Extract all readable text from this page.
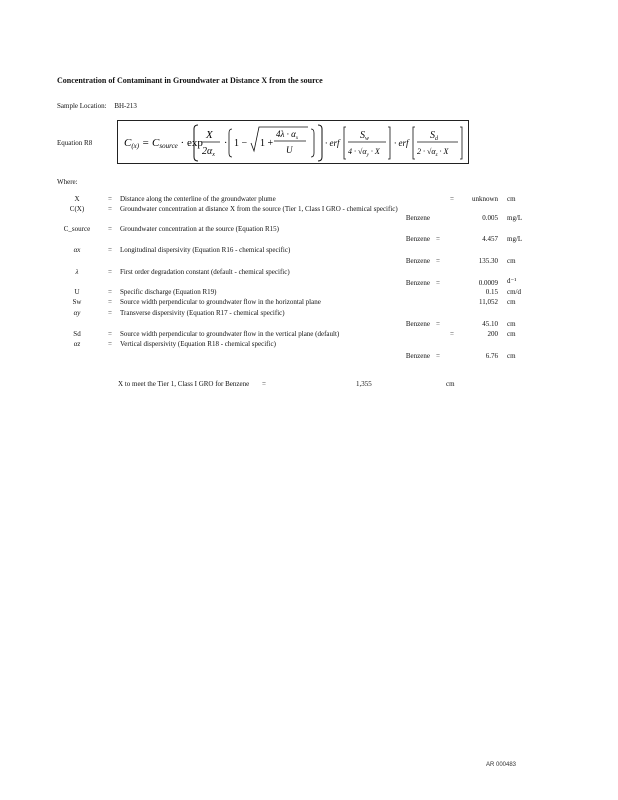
Concentration of Contaminant in Groundwater at Distance X from the source
Sample Location: BH-213
Equation R8	C(x) = Csource · exp
X
$2\alpha_x$
· 1 − 1 +
$4\lambda \cdot \alpha_x$
U
· erf
$S_w$
$4 \cdot √\alpha_y \cdot X$
· erf
$S_d$
$2 \cdot √\alpha_z \cdot X$
Where:
X	=	Distance along the centerline of the groundwater plume	=	unknown cm
C(X)	=	Groundwater concentration at distance X from the source (Tier 1, Class I GRO - chemical specific)
Benzene	0.005 mg/L
C_source	=	Groundwater concentration at the source (Equation R15)
Benzene =	4.457 mg/L
αx	=	Longitudinal dispersivity (Equation R16 - chemical specific)
Benzene =	135.30 cm
λ	=	First order degradation constant (default - chemical specific)
Benzene =	0.0009 d⁻¹
U	=	Specific discharge (Equation R19)	0.15 cm/d
Sw	=	Source width perpendicular to groundwater flow in the horizontal plane	11,052 cm
αy	=	Transverse dispersivity (Equation R17 - chemical specific)
Benzene =	45.10 cm
Sd	=	Source width perpendicular to groundwater flow in the vertical plane (default)	=	200 cm
αz	=	Vertical dispersivity (Equation R18 - chemical specific)
Benzene =	6.76 cm
X to meet the Tier 1, Class I GRO for Benzene =	1,355	cm
AR 000483
